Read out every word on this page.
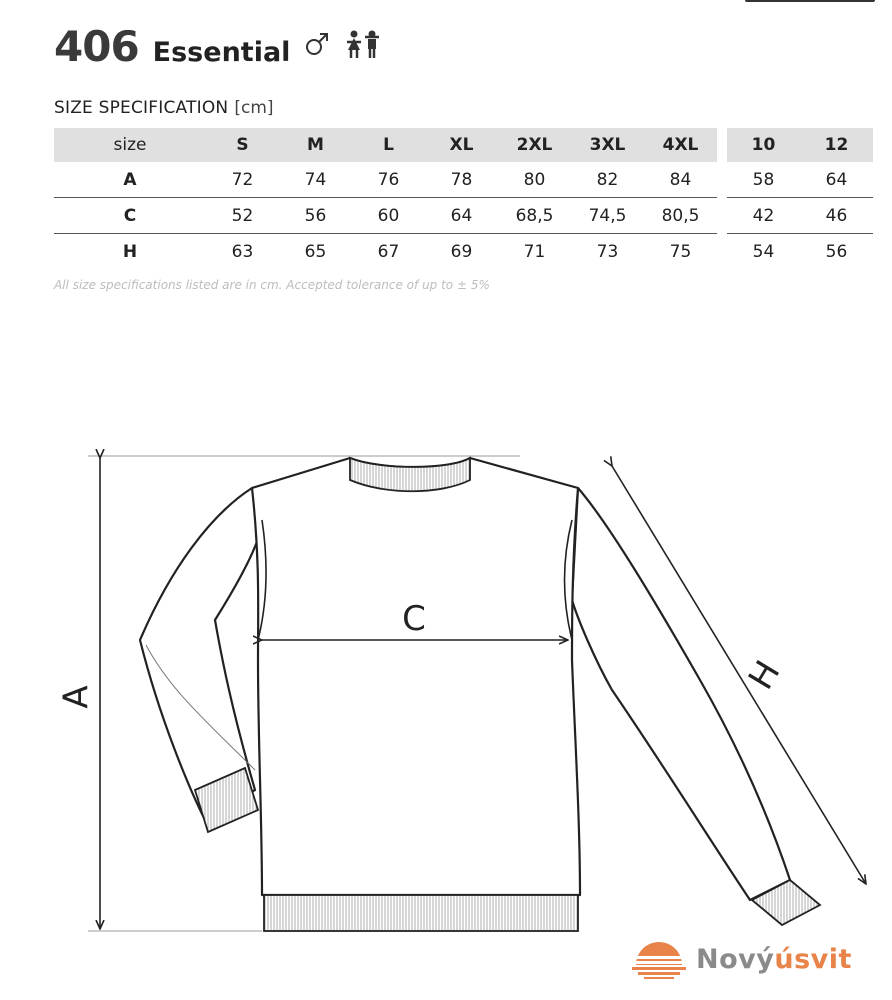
406 Essential
SIZE SPECIFICATION [cm]
size	S	M	L	XL	2XL	3XL	4XL		10	12
A	72	74	76	78	80	82	84		58	64
C	52	56	60	64	68,5	74,5	80,5		42	46
H	63	65	67	69	71	73	75		54	56
All size specifications listed are in cm. Accepted tolerance of up to ± 5%
A
C
H
Novýúsvit
